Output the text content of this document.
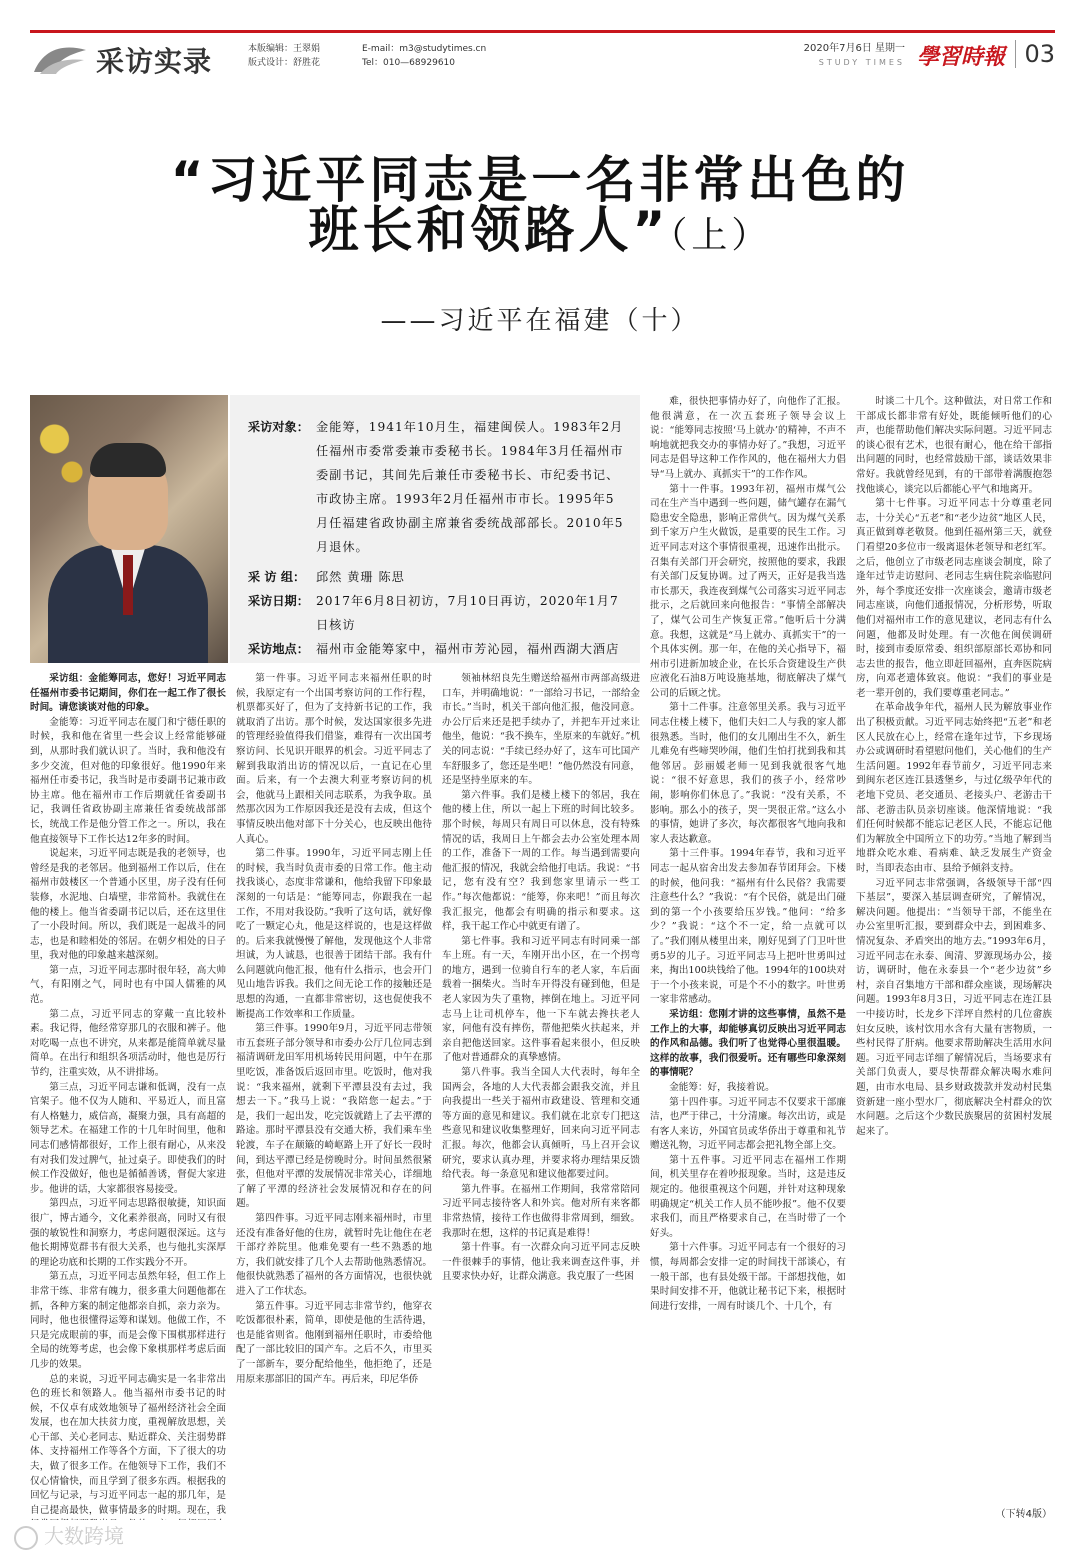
采访实录	本版编辑：王翠娟
版式设计：舒胜花
E-mail：m3@studytimes.cn
Tel：010—68929610
2020年7月6日 星期一
STUDY TIMES 學習時報 03
“习近平同志是一名非常出色的
班长和领路人”（上）
——习近平在福建（十）
采访对象： 金能筹，1941年10月生，福建闽侯人。1983年2月任福州市委常委兼市委秘书长。1984年3月任福州市委副书记，其间先后兼任市委秘书长、市纪委书记、市政协主席。1993年2月任福州市市长。1995年5月任福建省政协副主席兼省委统战部部长。2010年5月退休。
采 访 组： 邱然 黄珊 陈思
采访日期： 2017年6月8日初访，7月10日再访，2020年1月7日核访
采访地点： 福州市金能筹家中，福州市芳沁园，福州西湖大酒店

采访组：金能筹同志，您好！习近平同志任福州市委书记期间，你们在一起工作了很长时间。请您谈谈对他的印象。

金能筹：习近平同志在厦门和宁德任职的时候，我和他在省里一些会议上经常能够碰到，从那时我们就认识了。当时，我和他没有多少交流，但对他的印象很好。他1990年来福州任市委书记，我当时是市委副书记兼市政协主席。他在福州市工作后期就任省委副书记，我调任省政协副主席兼任省委统战部部长，统战工作是他分管工作之一。所以，我在他直接领导下工作长达12年多的时间。

说起来，习近平同志既是我的老领导，也曾经是我的老邻居。他到福州工作以后，住在福州市鼓楼区一个普通小区里，房子没有任何装修，水泥地、白墙壁，非常简朴。我就住在他的楼上。他当省委副书记以后，还在这里住了一小段时间。所以，我们既是一起战斗的同志，也是和睦相处的邻居。在朝夕相处的日子里，我对他的印象越来越深刻。

第一点，习近平同志那时很年轻，高大帅气，有阳刚之气，同时也有中国人儒雅的风范。

第二点，习近平同志的穿戴一直比较朴素。我记得，他经常穿那几的衣服和裤子。他对吃喝一点也不讲究，从来都是能简单就尽量简单。在出行和组织各项活动时，他也是厉行节约，注重实效，从不讲排场。

第三点，习近平同志谦和低调，没有一点官架子。他不仅为人随和、平易近人，而且富有人格魅力，威信高，凝聚力强，具有高超的领导艺术。在福建工作的十几年时间里，他和同志们感情都很好，工作上很有耐心，从来没有对我们发过脾气，扯过桌子。即使我们的时候工作没做好，他也是循循善诱，督促大家进步。他讲的话，大家都很容易接受。

第四点，习近平同志思路很敏捷，知识面很广，博古通今，文化素养很高，同时又有很强的敏锐性和洞察力，考虑问题很深远。这与他长期博览群书有很大关系，也与他扎实深厚的理论功底和长期的工作实践分不开。

第五点，习近平同志虽然年轻，但工作上非常干练、非常有魄力，很多重大问题他都在抓，各种方案的制定他都亲自抓，亲力亲为。同时，他也很懂得运筹和谋划。他做工作，不只是完成眼前的事，而是会像下围棋那样进行全局的统筹考虑，也会像下象棋那样考虑后面几步的效果。

总的来说，习近平同志确实是一名非常出色的班长和领路人。他当福州市委书记的时候，不仅卓有成效地领导了福州经济社会全面发展，也在加大扶贫力度，重视解放思想，关心干部、关心老同志、贴近群众、关注弱势群体、支持福州工作等各个方面，下了很大的功夫，做了很多工作。在他领导下工作，我们不仅心情愉快，而且学到了很多东西。根据我的回忆与记录，与习近平同志一起的那几年，是自己提高最快，做事情最多的时期。现在，我

第一件事。习近平同志来福州任职的时候，我原定有一个出国考察访问的工作行程，机票都买好了，但为了支持新书记的工作，我就取消了出访。那个时候，发达国家很多先进的管理经验值得我们借鉴，难得有一次出国考察访问、长见识开眼界的机会。习近平同志了解到我取消出访的情况以后，一直记在心里面。后来，有一个去澳大利亚考察访问的机会，他就马上跟相关同志联系，为我争取。虽然那次因为工作原因我还是没有去成，但这个事情反映出他对部下十分关心，也反映出他待人真心。

第二件事。1990年，习近平同志刚上任的时候，我当时负责市委的日常工作。他主动找我谈心，态度非常谦和，他给我留下印象最深刻的一句话是：“能筹同志，你跟我在一起工作，不用对我设防。”我听了这句话，就好像吃了一颗定心丸，他是这样说的，也是这样做的。后来我就慢慢了解他，发现他这个人非常坦诚，为人诚恳，也很善于团结干部。我有什么问题就向他汇报，他有什么指示，也会开门见山地告诉我。我们之间无论工作的接触还是思想的沟通，一直都非常密切，这也促使我不断提高工作效率和工作质量。

第三件事。1990年9月，习近平同志带领市五套班子部分领导和市委办公厅几位同志到福清调研龙田军用机场转民用问题，中午在那里吃饭，准备饭后返回市里。吃饭时，他对我说：“我来福州，就剩下平潭县没有去过，我想去一下。”我马上说：“我陪您一起去。”于是，我们一起出发，吃完饭就踏上了去平潭的路途。那时平潭县没有交通大桥，我们乘车坐轮渡，车子在颠簸的崎岖路上开了好长一段时间，到达平潭已经是傍晚时分。时间虽然很紧张，但他对平潭的发展情况非常关心，详细地了解了平潭的经济社会发展情况和存在的问题。

第四件事。习近平同志刚来福州时，市里还没有准备好他的住房，就暂时先让他住在老干部疗养院里。他难免要有一些不熟悉的地方，我们就安排了几个人去帮助他熟悉情况。他很快就熟悉了福州的各方面情况，也很快就进入了工作状态。

第五件事。习近平同志非常节约，他穿衣吃饭都很朴素，简单，即使是他的生活待遇，也是能省则省。他刚到福州任职时，市委给他配了一部比较旧的国产车。之后不久，市里买了一部新车，要分配给他坐，他拒绝了，还是用原来那部旧的国产车。再后来，印尼华侨

领袖林绍良先生赠送给福州市两部高级进口车，并明确地说：“一部给习书记，一部给金市长。”当时，机关干部向他汇报，他没同意。办公厅后来还是把手续办了，并把车开过来让他坐，他说：“我不换车，坐原来的车就好。”机关的同志说：“手续已经办好了，这车可比国产车舒服多了，您还是坐吧！”他仍然没有同意，还是坚持坐原来的车。

第六件事。我们是楼上楼下的邻居，我在他的楼上住，所以一起上下班的时间比较多。那个时候，每周只有周日可以休息，没有特殊情况的话，我周日上午都会去办公室处理本周的工作，准备下一周的工作。每当遇到需要向他汇报的情况，我就会给他打电话。我说：“书记，您有没有空？我到您家里请示一些工作。”每次他都说：“能筹，你来吧！”而且每次我汇报完，他都会有明确的指示和要求。这样，我干起工作心中就更有谱了。

第七件事。我和习近平同志有时同乘一部车上班。有一天，车刚开出小区，在一个拐弯的地方，遇到一位骑自行车的老人家，车后面载着一捆柴火。当时车开得没有碰到他，但是老人家因为失了重物，摔倒在地上。习近平同志马上让司机停车，他一下车就去搀扶老人家，问他有没有摔伤，帮他把柴火扶起来，并亲自把他送回家。这件事看起来很小，但反映了他对普通群众的真挚感情。

第八件事。我当全国人大代表时，每年全国两会，各地的人大代表都会跟我交流，并且向我提出一些关于福州市政建设、管理和交通等方面的意见和建议。我们就在北京专门把这些意见和建议收集整理好，回来向习近平同志汇报。每次，他都会认真倾听，马上召开会议研究，要求认真办理，并要求将办理结果反馈给代表。每一条意见和建议他都要过问。

第九件事。在福州工作期间，我常常陪同习近平同志接待客人和外宾。他对所有来客都非常热情，接待工作也做得非常周到，细致。我那时在想，这样的书记真是难得！

第十件事。有一次群众向习近平同志反映一件很棘手的事情，他让我来调查这件事，并且要求快办好，让群众满意。我克服了一些困

难，很快把事情办好了，向他作了汇报。他很满意，在一次五套班子领导会议上说：“能筹同志按照‘马上就办’的精神，不声不响地就把我交办的事情办好了。”我想，习近平同志是倡导这种工作作风的，他在福州大力倡导“马上就办、真抓实干”的工作作风。

第十一件事。1993年初，福州市煤气公司在生产当中遇到一些问题，储气罐存在漏气隐患安全隐患，影响正常供气。因为煤气关系到千家万户生火做饭，是重要的民生工作。习近平同志对这个事情很重视，迅速作出批示。召集有关部门开会研究，按照他的要求，我跟有关部门反复协调。过了两天，正好是我当选市长那天，我连夜到煤气公司落实习近平同志批示，之后就回来向他报告：“事情全部解决了，煤气公司生产恢复正常。”他听后十分满意。我想，这就是“马上就办、真抓实干”的一个具体实例。那一年，在他的关心指导下，福州市引进新加坡企业，在长乐合资建设生产供应液化石油8万吨设施基地，彻底解决了煤气公司的后顾之忧。

第十二件事。注意邻里关系。我与习近平同志住楼上楼下，他们夫妇二人与我的家人都很熟悉。当时，他们的女儿刚出生不久，新生儿难免有些啼哭吵闹，他们生怕打扰到我和其他邻居。彭丽媛老师一见到我就很客气地说：“很不好意思，我们的孩子小，经常吵闹，影响你们休息了。”我说：“没有关系，不影响。那么小的孩子，哭一哭很正常。”这么小的事情，她讲了多次，每次都很客气地向我和家人表达歉意。

第十三件事。1994年春节，我和习近平同志一起从宿舍出发去参加春节团拜会。下楼的时候，他问我：“福州有什么民俗？我需要注意些什么？”我说：“有个民俗，就是出门碰到的第一个小孩要给压岁钱。”他问：“给多少？”我说：“这个不一定，给一点就可以了。”我们刚从楼里出来，刚好见到了门卫叶世勇5岁的儿子。习近平同志马上把叶世勇叫过来，掏出100块钱给了他。1994年的100块对于一个小孩来说，可是个不小的数字。叶世勇一家非常感动。

采访组：您刚才讲的这些事情，虽然不是工作上的大事，却能够真切反映出习近平同志的作风和品德。我们听了也觉得心里很温暖。这样的故事，我们很爱听。还有哪些印象深刻的事情呢？

金能筹：好，我接着说。

第十四件事。习近平同志不仅要求干部廉洁，也严于律己，十分清廉。每次出访，或是有客人来访，外国官员或华侨出于尊重和礼节赠送礼物，习近平同志都会把礼物全部上交。

第十五件事。习近平同志在福州工作期间，机关里存在着吵报现象。当时，这是违反规定的。他很重视这个问题，并针对这种现象明确规定“机关工作人员不能吵报”。他不仅要求我们，而且严格要求自己，在当时带了一个好头。

第十六件事。习近平同志有一个很好的习惯，每周都会安排一定的时间找干部谈心，有一般干部，也有县处级干部。干部想找他，如果时间安排不开，他就让秘书记下来，根据时间进行安排，一周有时谈几个、十几个，有

时谈二十几个。这种做法，对日常工作和干部成长都非常有好处，既能倾听他们的心声，也能帮助他们解决实际问题。习近平同志的谈心很有艺术，也很有耐心，他在给干部指出问题的同时，也经常鼓励干部，谈话效果非常好。我就曾经见到，有的干部带着满腹抱怨找他谈心，谈完以后都能心平气和地离开。

第十七件事。习近平同志十分尊重老同志，十分关心“五老”和“老少边贫”地区人民，真正做到尊老敬贤。他到任福州第三天，就登门看望20多位市一级离退休老领导和老红军。之后，他创立了市级老同志座谈会制度，除了逢年过节走访慰问、老同志生病住院亲临慰问外，每个季度还安排一次座谈会，邀请市级老同志座谈，向他们通报情况，分析形势，听取他们对福州市工作的意见建议，老同志有什么问题，他都及时处理。有一次他在闽侯调研时，接到市委原常委、组织部原部长邓协和同志去世的报告，他立即赶回福州，直奔医院病房，向邓老遗体致哀。他说：“我们的事业是老一辈开创的，我们要尊重老同志。”

在革命战争年代，福州人民为解放事业作出了积极贡献。习近平同志始终把“五老”和老区人民放在心上，经常在逢年过节，下乡现场办公或调研时看望慰问他们，关心他们的生产生活问题。1992年春节前夕，习近平同志来到闽东老区连江县透堡乡，与过亿级孕年代的老地下党员、老交通员、老接头户、老游击干部、老游击队员亲切座谈。他深情地说：“我们任何时候都不能忘记老区人民，不能忘记他们为解放全中国所立下的功劳。”当地了解到当地群众吃水难、看病难、缺乏发展生产资金时，当即表态由市、县给予倾斜支持。

习近平同志非常强调，各级领导干部“四下基层”，要深入基层调查研究，了解情况，解决问题。他提出：“当领导干部，不能坐在办公室里听汇报，要到群众中去，到困难多、情况复杂、矛盾突出的地方去。”1993年6月，习近平同志在永泰、闽清、罗源现场办公，接访，调研时，他在永泰县一个“老少边贫”乡村，亲自召集地方干部和群众座谈，现场解决问题。1993年8月3日，习近平同志在连江县一中接访时，长龙乡下洋坪自然村的几位畲族妇女反映，该村饮用水含有大量有害物质，一些村民得了肝病。他要求帮助解决生活用水问题。习近平同志详细了解情况后，当场要求有关部门负责人，要尽快帮群众解决喝水难问题，由市水电局、县乡财政拨款并发动村民集资新建一座小型水厂，彻底解决全村群众的饮水问题。之后这个少数民族聚居的贫困村发展起来了。

（下转4版）
大数跨境
